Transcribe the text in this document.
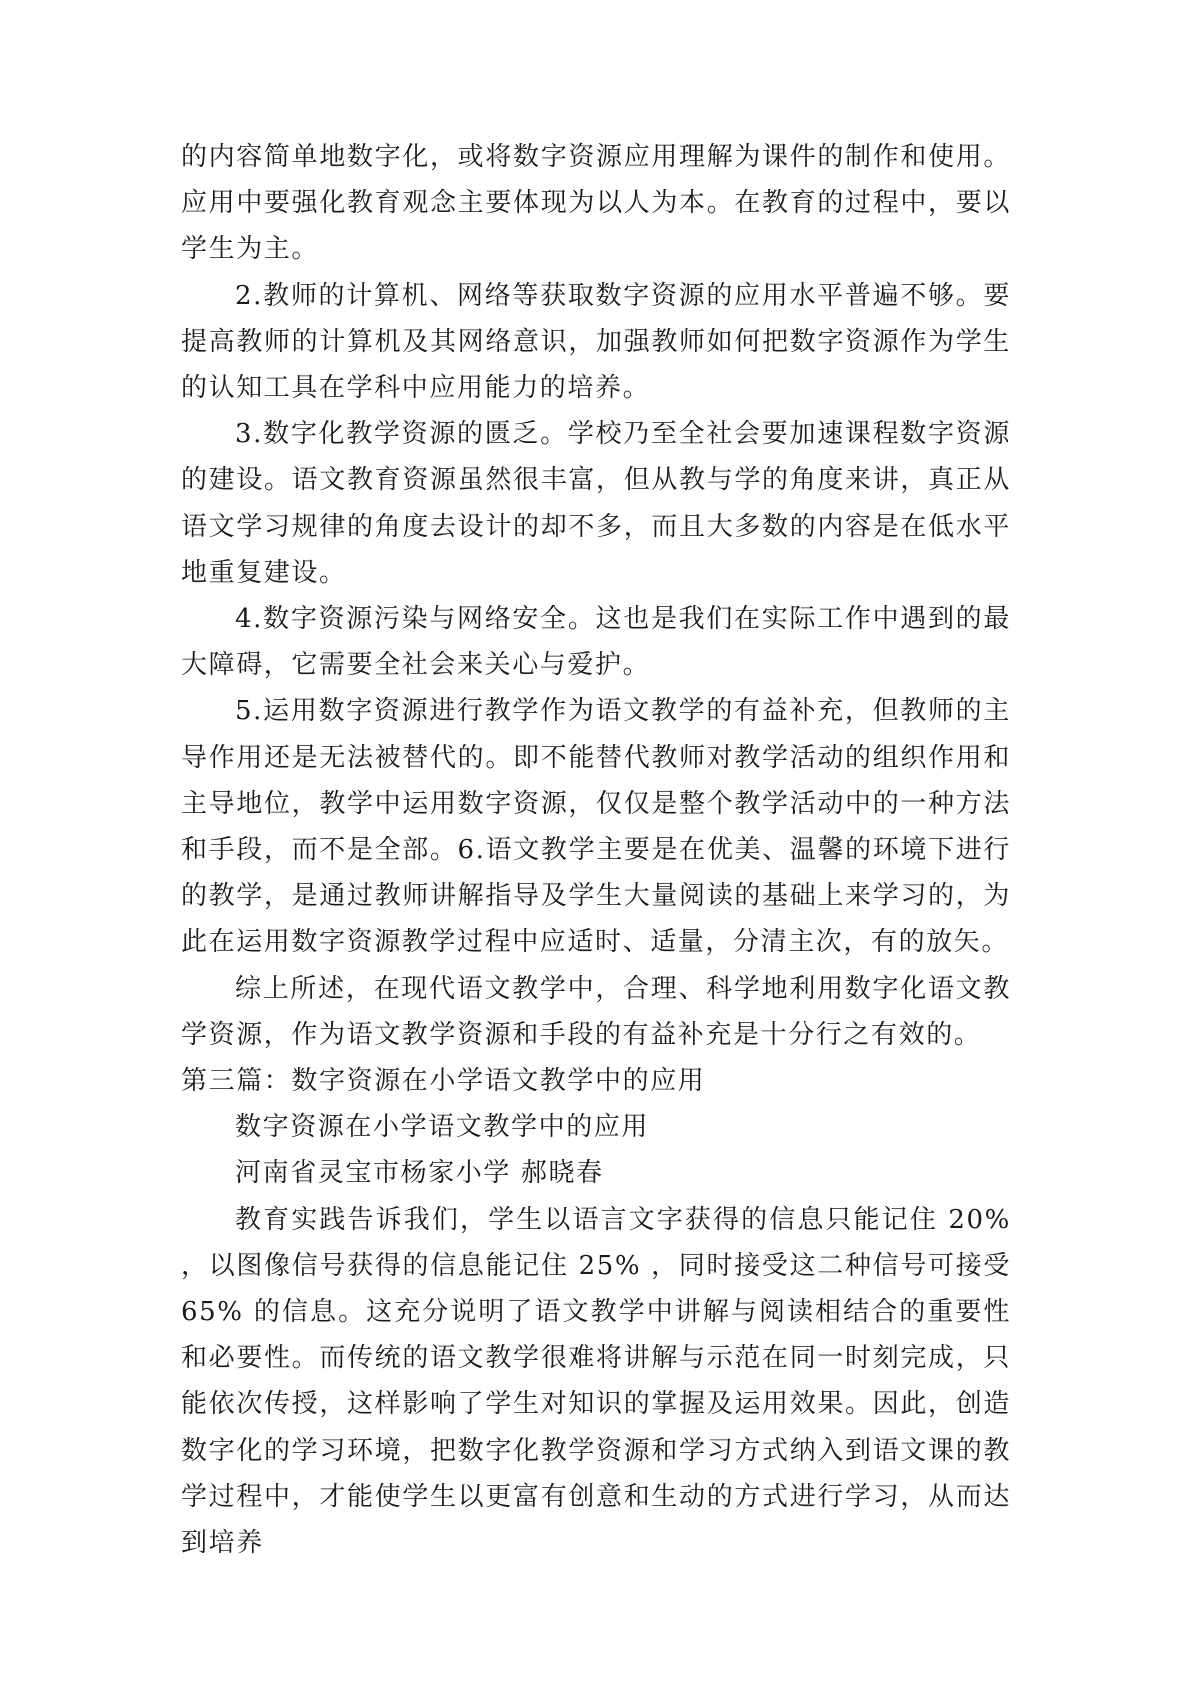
的内容简单地数字化，或将数字资源应用理解为课件的制作和使用。应用中要强化教育观念主要体现为以人为本。在教育的过程中，要以学生为主。

2.教师的计算机、网络等获取数字资源的应用水平普遍不够。要提高教师的计算机及其网络意识，加强教师如何把数字资源作为学生的认知工具在学科中应用能力的培养。

3.数字化教学资源的匮乏。学校乃至全社会要加速课程数字资源的建设。语文教育资源虽然很丰富，但从教与学的角度来讲，真正从语文学习规律的角度去设计的却不多，而且大多数的内容是在低水平地重复建设。

4.数字资源污染与网络安全。这也是我们在实际工作中遇到的最大障碍，它需要全社会来关心与爱护。

5.运用数字资源进行教学作为语文教学的有益补充，但教师的主导作用还是无法被替代的。即不能替代教师对教学活动的组织作用和主导地位，教学中运用数字资源，仅仅是整个教学活动中的一种方法和手段，而不是全部。6.语文教学主要是在优美、温馨的环境下进行的教学，是通过教师讲解指导及学生大量阅读的基础上来学习的，为此在运用数字资源教学过程中应适时、适量，分清主次，有的放矢。

综上所述，在现代语文教学中，合理、科学地利用数字化语文教学资源，作为语文教学资源和手段的有益补充是十分行之有效的。

第三篇：数字资源在小学语文教学中的应用

数字资源在小学语文教学中的应用

河南省灵宝市杨家小学 郝晓春

教育实践告诉我们，学生以语言文字获得的信息只能记住 20% ，以图像信号获得的信息能记住 25% ，同时接受这二种信号可接受 65% 的信息。这充分说明了语文教学中讲解与阅读相结合的重要性和必要性。而传统的语文教学很难将讲解与示范在同一时刻完成，只能依次传授，这样影响了学生对知识的掌握及运用效果。因此，创造数字化的学习环境，把数字化教学资源和学习方式纳入到语文课的教学过程中，才能使学生以更富有创意和生动的方式进行学习，从而达到培养
